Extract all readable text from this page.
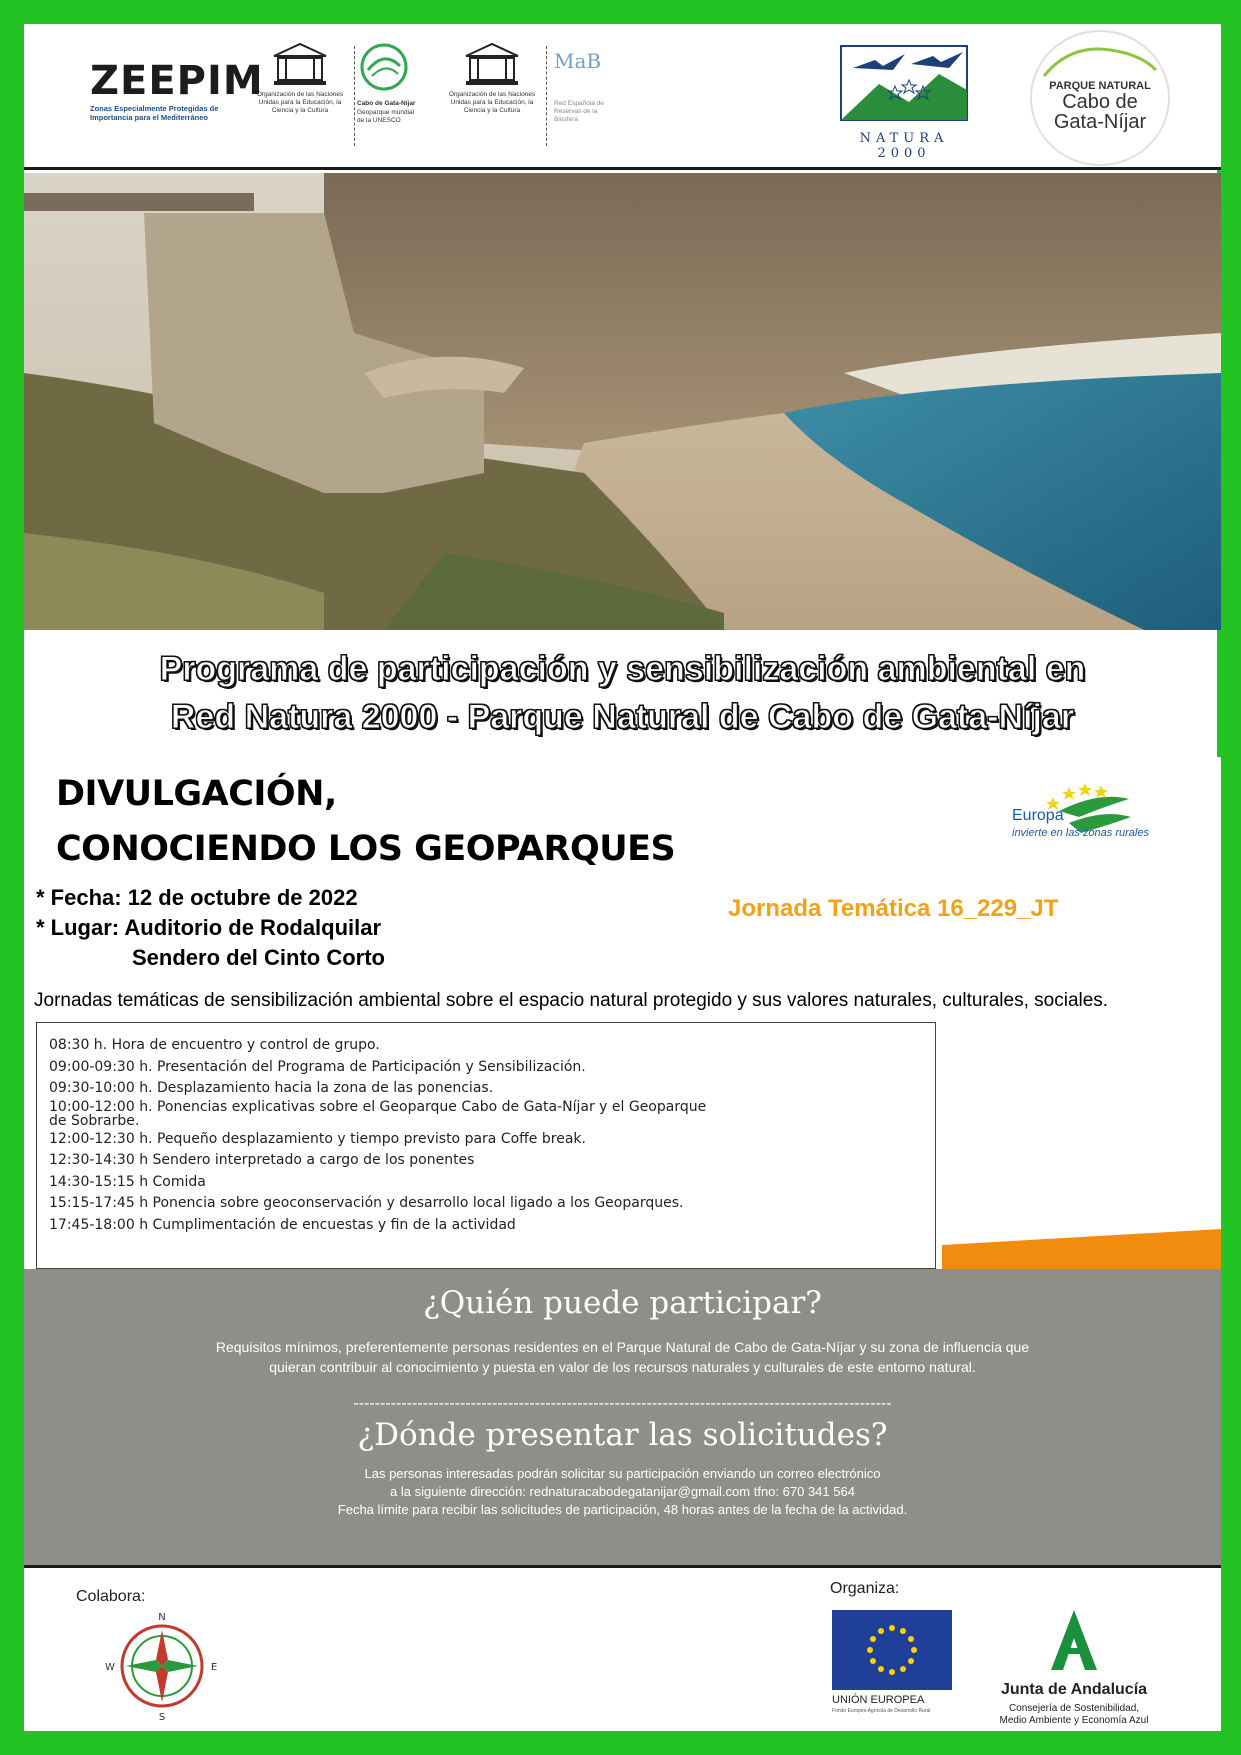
ZEEPIM
Zonas Especialmente Protegidas de Importancia para el Mediterráneo
Organización de las Naciones Unidas para la Educación, la Ciencia y la Cultura
Cabo de Gata-Níjar
Geoparque mundial de la UNESCO
Organización de las Naciones Unidas para la Educación, la Ciencia y la Cultura
MaB
Red Española de Reservas de la Biosfera
NATURA 2000
PARQUE NATURAL
Cabo de
Gata-Níjar
Programa de participación y sensibilización ambiental en
Red Natura 2000 - Parque Natural de Cabo de Gata-Níjar
DIVULGACIÓN,
CONOCIENDO LOS GEOPARQUES
Europa
invierte en las zonas rurales
* Fecha: 12 de octubre de 2022
* Lugar: Auditorio de Rodalquilar
Sendero del Cinto Corto
Jornada Temática 16_229_JT
Jornadas temáticas de sensibilización ambiental sobre el espacio natural protegido y sus valores naturales, culturales, sociales.
08:30 h. Hora de encuentro y control de grupo.
09:00-09:30 h. Presentación del Programa de Participación y Sensibilización.
09:30-10:00 h. Desplazamiento hacia la zona de las ponencias.
10:00-12:00 h. Ponencias explicativas sobre el Geoparque Cabo de Gata-Níjar y el Geoparque
de Sobrarbe.
12:00-12:30 h. Pequeño desplazamiento y tiempo previsto para Coffe break.
12:30-14:30 h Sendero interpretado a cargo de los ponentes
14:30-15:15 h Comida
15:15-17:45 h Ponencia sobre geoconservación y desarrollo local ligado a los Geoparques.
17:45-18:00 h Cumplimentación de encuestas y fin de la actividad
¿Quién puede participar?
Requisitos mínimos, preferentemente personas residentes en el Parque Natural de Cabo de Gata-Níjar y su zona de influencia que
quieran contribuir al conocimiento y puesta en valor de los recursos naturales y culturales de este entorno natural.
-----------------------------------------------------------------------------------------------------
¿Dónde presentar las solicitudes?
Las personas interesadas podrán solicitar su participación enviando un correo electrónico
a la siguiente dirección: rednaturacabodegatanijar@gmail.com tfno: 670 341 564
Fecha límite para recibir las solicitudes de participación, 48 horas antes de la fecha de la actividad.
Colabora:
N
S
E
W
Organiza:
UNIÓN EUROPEA
Fondo Europeo Agrícola de Desarrollo Rural
Junta de Andalucía
Consejería de Sostenibilidad,
Medio Ambiente y Economía Azul
